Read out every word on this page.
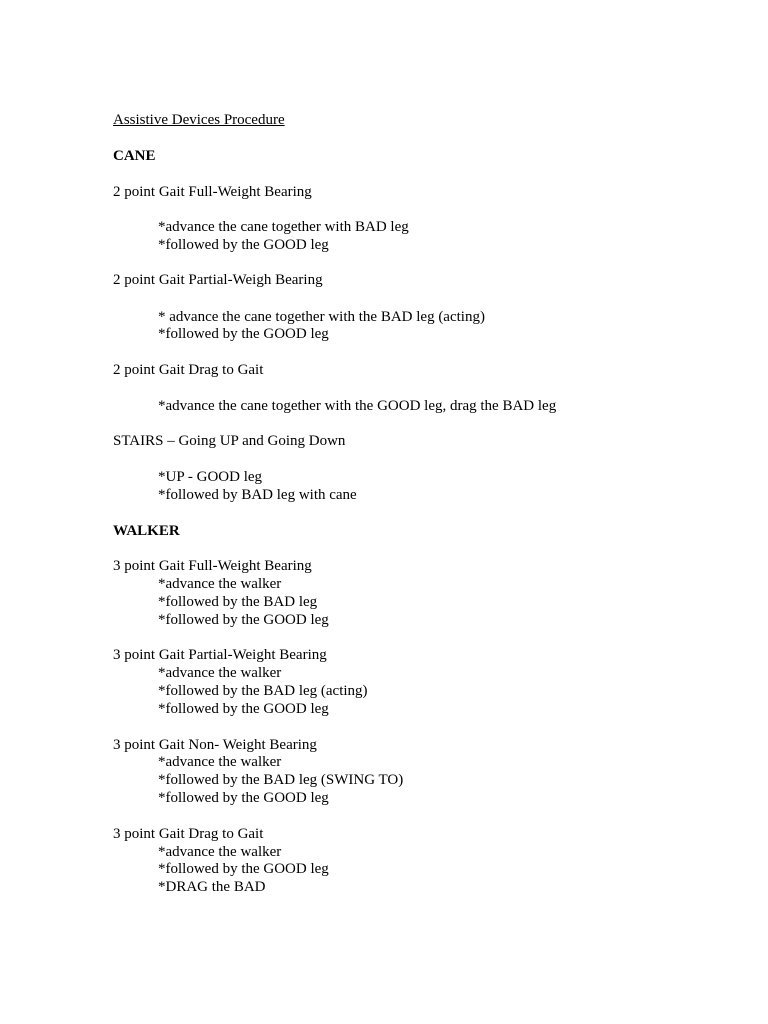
Assistive Devices Procedure
CANE
2 point Gait Full-Weight Bearing
*advance the cane together with BAD leg
*followed by the GOOD leg
2 point Gait Partial-Weigh Bearing
* advance the cane together with the BAD leg (acting)
*followed by the GOOD leg
2 point Gait Drag to Gait
*advance the cane together with the GOOD leg, drag the BAD leg
STAIRS – Going UP and Going Down
*UP - GOOD leg
*followed by BAD leg with cane
WALKER
3 point Gait Full-Weight Bearing
*advance the walker
*followed by the BAD leg
*followed by the GOOD leg
3 point Gait Partial-Weight Bearing
*advance the walker
*followed by the BAD leg (acting)
*followed by the GOOD leg
3 point Gait Non- Weight Bearing
*advance the walker
*followed by the BAD leg (SWING TO)
*followed by the GOOD leg
3 point Gait Drag to Gait
*advance the walker
*followed by the GOOD leg
*DRAG the BAD
